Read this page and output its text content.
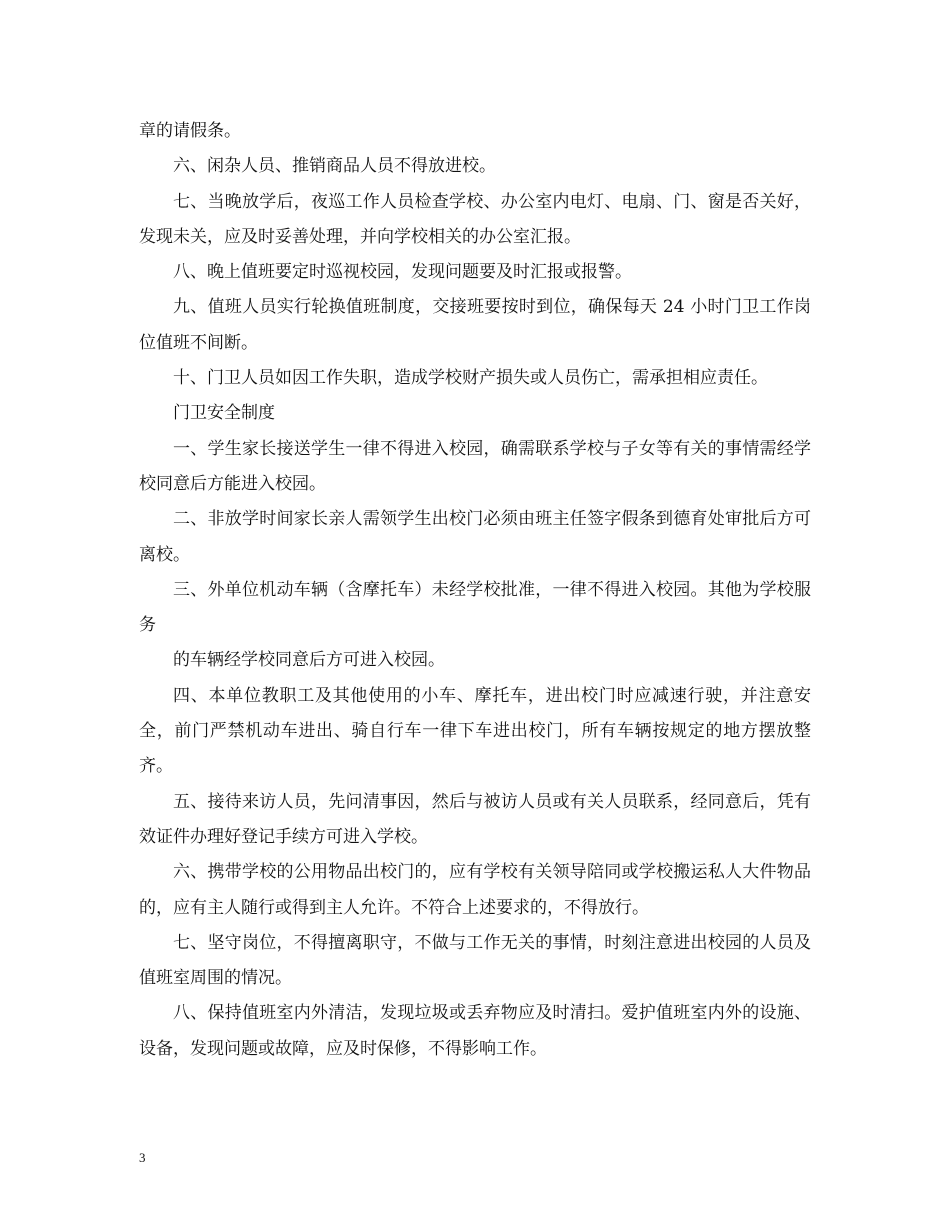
章的请假条。

六、闲杂人员、推销商品人员不得放进校。

七、当晚放学后，夜巡工作人员检查学校、办公室内电灯、电扇、门、窗是否关好，发现未关，应及时妥善处理，并向学校相关的办公室汇报。

八、晚上值班要定时巡视校园，发现问题要及时汇报或报警。

九、值班人员实行轮换值班制度，交接班要按时到位，确保每天 24 小时门卫工作岗位值班不间断。

十、门卫人员如因工作失职，造成学校财产损失或人员伤亡，需承担相应责任。

门卫安全制度

一、学生家长接送学生一律不得进入校园，确需联系学校与子女等有关的事情需经学校同意后方能进入校园。

二、非放学时间家长亲人需领学生出校门必须由班主任签字假条到德育处审批后方可离校。

三、外单位机动车辆（含摩托车）未经学校批准，一律不得进入校园。其他为学校服务

的车辆经学校同意后方可进入校园。

四、本单位教职工及其他使用的小车、摩托车，进出校门时应减速行驶，并注意安全，前门严禁机动车进出、骑自行车一律下车进出校门，所有车辆按规定的地方摆放整齐。

五、接待来访人员，先问清事因，然后与被访人员或有关人员联系，经同意后，凭有效证件办理好登记手续方可进入学校。

六、携带学校的公用物品出校门的，应有学校有关领导陪同或学校搬运私人大件物品的，应有主人随行或得到主人允许。不符合上述要求的，不得放行。

七、坚守岗位，不得擅离职守，不做与工作无关的事情，时刻注意进出校园的人员及值班室周围的情况。

八、保持值班室内外清洁，发现垃圾或丢弃物应及时清扫。爱护值班室内外的设施、设备，发现问题或故障，应及时保修，不得影响工作。

3
